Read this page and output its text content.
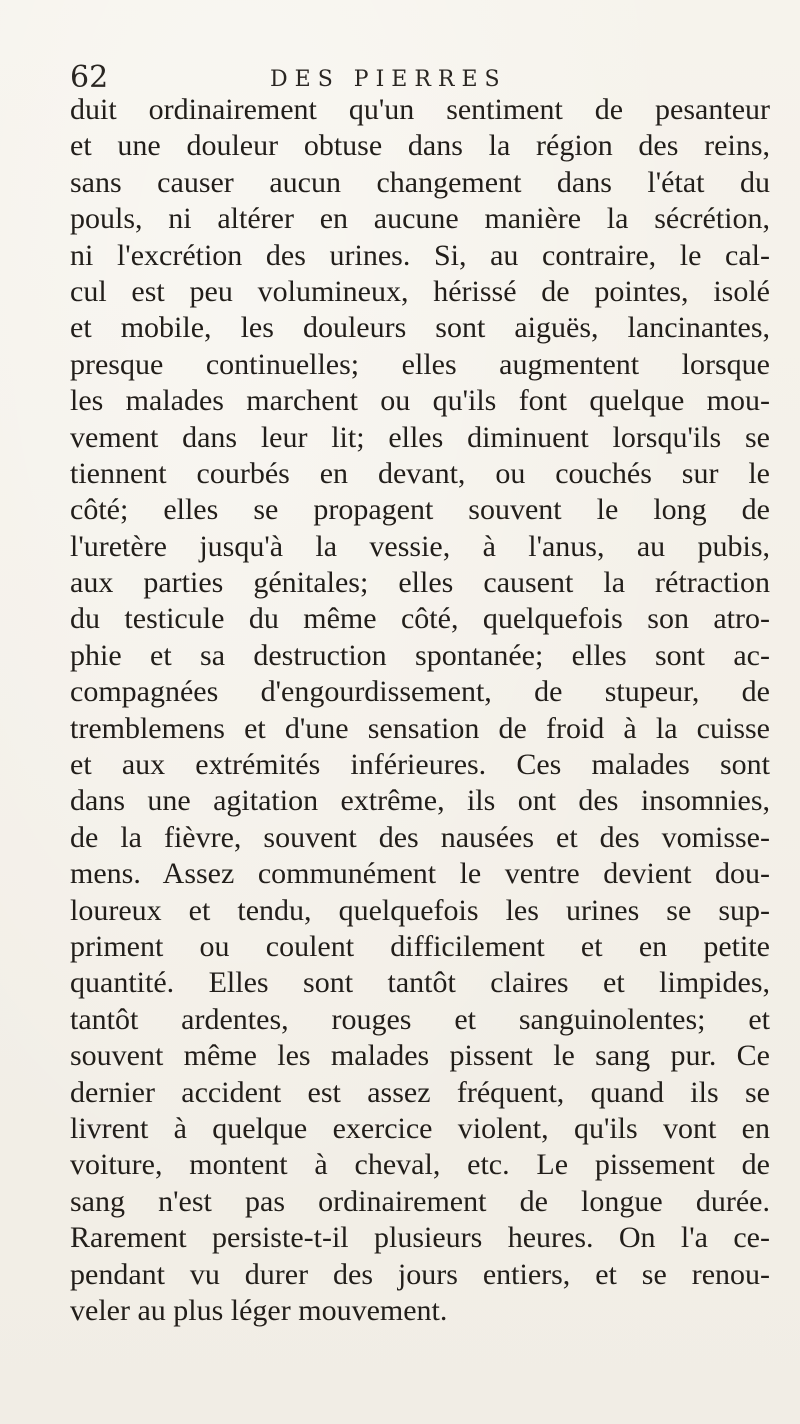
62	DES PIERRES
duit ordinairement qu'un sentiment de pesanteur
et une douleur obtuse dans la région des reins,
sans causer aucun changement dans l'état du
pouls, ni altérer en aucune manière la sécrétion,
ni l'excrétion des urines. Si, au contraire, le cal-
cul est peu volumineux, hérissé de pointes, isolé
et mobile, les douleurs sont aiguës, lancinantes,
presque continuelles; elles augmentent lorsque
les malades marchent ou qu'ils font quelque mou-
vement dans leur lit; elles diminuent lorsqu'ils se
tiennent courbés en devant, ou couchés sur le
côté; elles se propagent souvent le long de
l'uretère jusqu'à la vessie, à l'anus, au pubis,
aux parties génitales; elles causent la rétraction
du testicule du même côté, quelquefois son atro-
phie et sa destruction spontanée; elles sont ac-
compagnées d'engourdissement, de stupeur, de
tremblemens et d'une sensation de froid à la cuisse
et aux extrémités inférieures. Ces malades sont
dans une agitation extrême, ils ont des insomnies,
de la fièvre, souvent des nausées et des vomisse-
mens. Assez communément le ventre devient dou-
loureux et tendu, quelquefois les urines se sup-
priment ou coulent difficilement et en petite
quantité. Elles sont tantôt claires et limpides,
tantôt ardentes, rouges et sanguinolentes; et
souvent même les malades pissent le sang pur. Ce
dernier accident est assez fréquent, quand ils se
livrent à quelque exercice violent, qu'ils vont en
voiture, montent à cheval, etc. Le pissement de
sang n'est pas ordinairement de longue durée.
Rarement persiste-t-il plusieurs heures. On l'a ce-
pendant vu durer des jours entiers, et se renou-
veler au plus léger mouvement.
